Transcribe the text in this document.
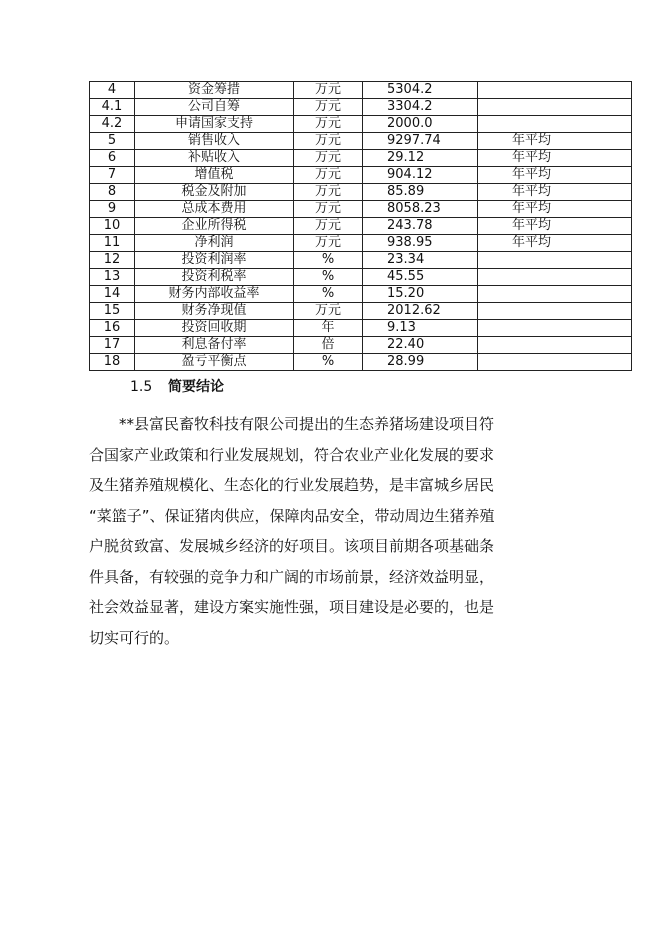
4	资金筹措	万元	5304.2	
4.1	公司自筹	万元	3304.2	
4.2	申请国家支持	万元	2000.0	
5	销售收入	万元	9297.74	年平均
6	补贴收入	万元	29.12	年平均
7	增值税	万元	904.12	年平均
8	税金及附加	万元	85.89	年平均
9	总成本费用	万元	8058.23	年平均
10	企业所得税	万元	243.78	年平均
11	净利润	万元	938.95	年平均
12	投资利润率	%	23.34	
13	投资利税率	%	45.55	
14	财务内部收益率	%	15.20	
15	财务净现值	万元	2012.62	
16	投资回收期	年	9.13	
17	利息备付率	倍	22.40	
18	盈亏平衡点	%	28.99	
1.5 简要结论
**县富民畜牧科技有限公司提出的生态养猪场建设项目符
合国家产业政策和行业发展规划，符合农业产业化发展的要求
及生猪养殖规模化、生态化的行业发展趋势，是丰富城乡居民
“菜篮子”、保证猪肉供应，保障肉品安全，带动周边生猪养殖
户脱贫致富、发展城乡经济的好项目。该项目前期各项基础条
件具备，有较强的竞争力和广阔的市场前景，经济效益明显，
社会效益显著，建设方案实施性强，项目建设是必要的，也是
切实可行的。
